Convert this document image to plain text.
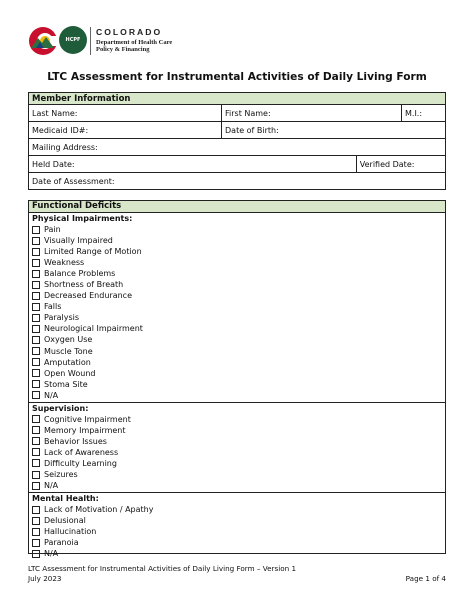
HCPF
COLORADO
Department of Health Care
Policy & Financing
LTC Assessment for Instrumental Activities of Daily Living Form
Member Information			
Last Name:	First Name:		M.I.:
Medicaid ID#:	Date of Birth:		
Mailing Address:			
Held Date:		Verified Date:	
Date of Assessment:			
Functional Deficits
Physical Impairments:
Pain
Visually Impaired
Limited Range of Motion
Weakness
Balance Problems
Shortness of Breath
Decreased Endurance
Falls
Paralysis
Neurological Impairment
Oxygen Use
Muscle Tone
Amputation
Open Wound
Stoma Site
N/A
Supervision:
Cognitive Impairment
Memory Impairment
Behavior Issues
Lack of Awareness
Difficulty Learning
Seizures
N/A
Mental Health:
Lack of Motivation / Apathy
Delusional
Hallucination
Paranoia
N/A
LTC Assessment for Instrumental Activities of Daily Living Form – Version 1
July 2023	Page 1 of 4
